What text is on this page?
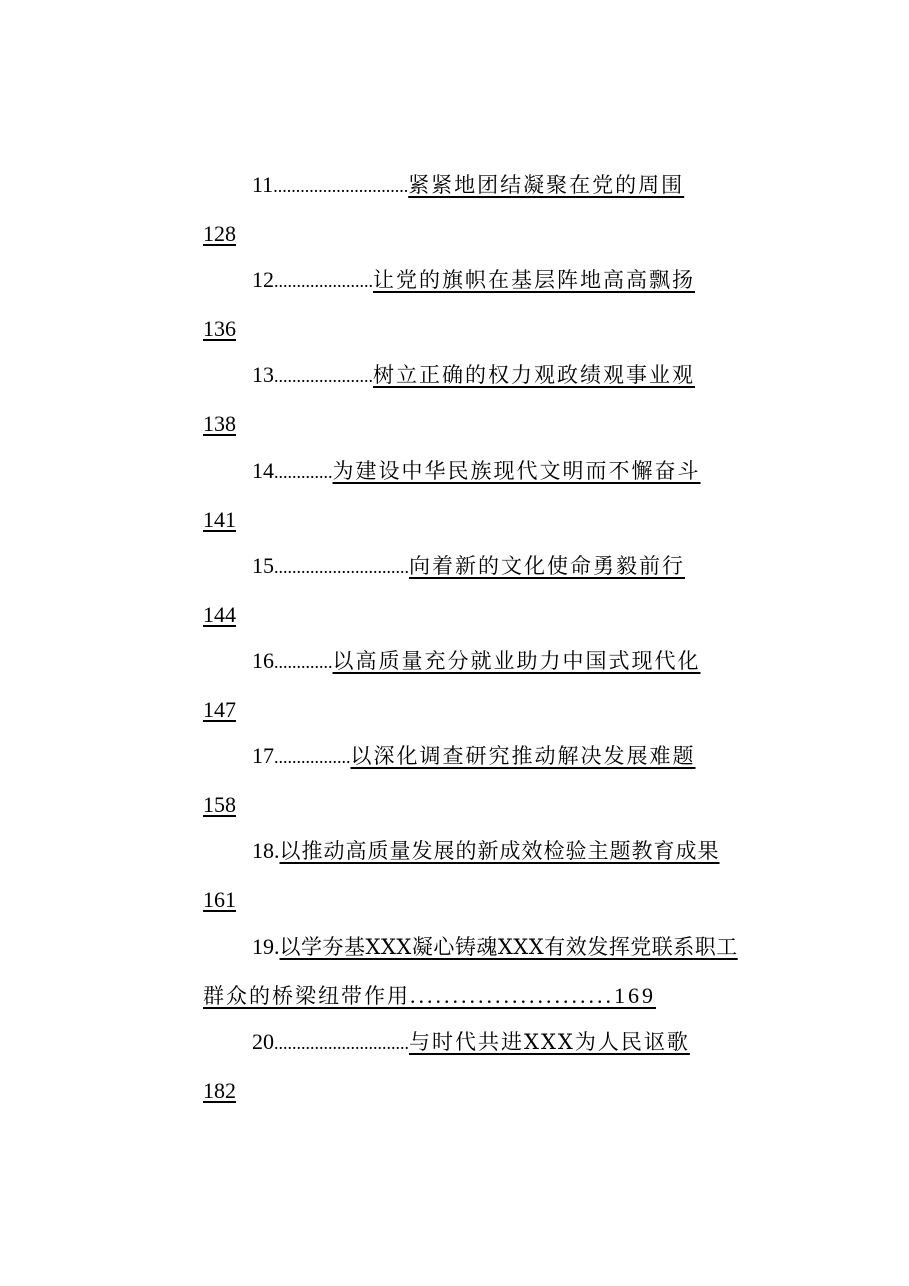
11..............................紧紧地团结凝聚在党的周围
128
12......................让党的旗帜在基层阵地高高飘扬
136
13......................树立正确的权力观政绩观事业观
138
14.............为建设中华民族现代文明而不懈奋斗
141
15..............................向着新的文化使命勇毅前行
144
16.............以高质量充分就业助力中国式现代化
147
17.................以深化调查研究推动解决发展难题
158
18.以推动高质量发展的新成效检验主题教育成果
161
19.以学夯基XXX凝心铸魂XXX有效发挥党联系职工
群众的桥梁纽带作用........................169
20..............................与时代共进XXX为人民讴歌
182
